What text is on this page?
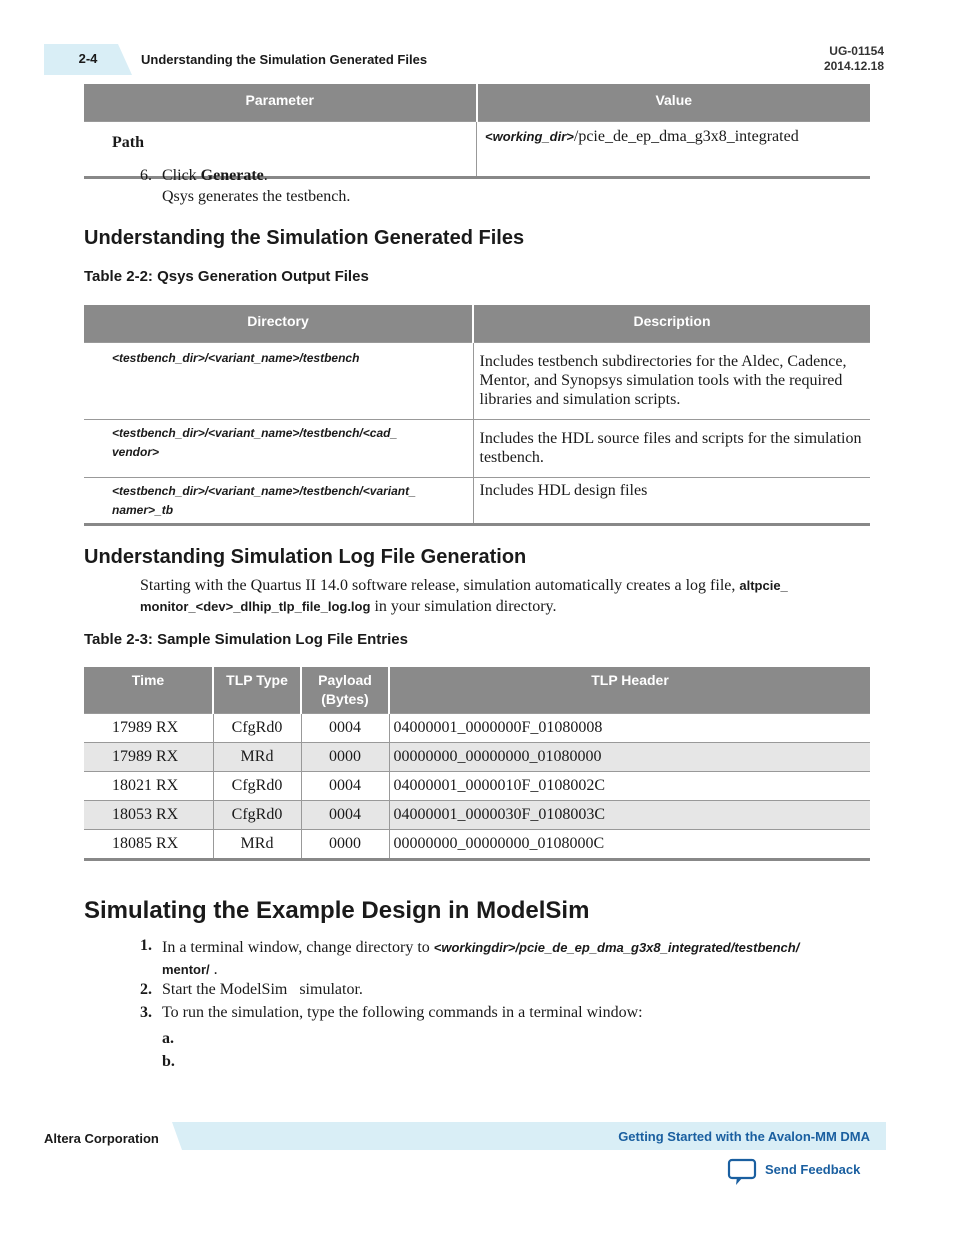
2-4	Understanding the Simulation Generated Files
UG-01154
2014.12.18
Parameter	Value
Path	<working_dir>/pcie_de_ep_dma_g3x8_integrated
6. Click Generate.
Qsys generates the testbench.
Understanding the Simulation Generated Files
Table 2-2: Qsys Generation Output Files
Directory	Description
<testbench_dir>/<variant_name>/testbench	Includes testbench subdirectories for the Aldec, Cadence, Mentor, and Synopsys simulation tools with the required libraries and simulation scripts.
<testbench_dir>/<variant_name>/testbench/<cad_
vendor>	Includes the HDL source files and scripts for the simulation testbench.
<testbench_dir>/<variant_name>/testbench/<variant_
namer>_tb	Includes HDL design files
Understanding Simulation Log File Generation
Starting with the Quartus II 14.0 software release, simulation automatically creates a log file, altpcie_
monitor_<dev>_dlhip_tlp_file_log.log in your simulation directory.
Table 2-3: Sample Simulation Log File Entries
Time	TLP Type	Payload (Bytes)	TLP Header
17989 RX	CfgRd0	0004	04000001_0000000F_01080008
17989 RX	MRd	0000	00000000_00000000_01080000
18021 RX	CfgRd0	0004	04000001_0000010F_0108002C
18053 RX	CfgRd0	0004	04000001_0000030F_0108003C
18085 RX	MRd	0000	00000000_00000000_0108000C
Simulating the Example Design in ModelSim
1. In a terminal window, change directory to <workingdir>/pcie_de_ep_dma_g3x8_integrated/testbench/
mentor/ .
2. Start the ModelSim   simulator.
3. To run the simulation, type the following commands in a terminal window:
a.
b.
Altera Corporation	Getting Started with the Avalon-MM DMA
Send Feedback
